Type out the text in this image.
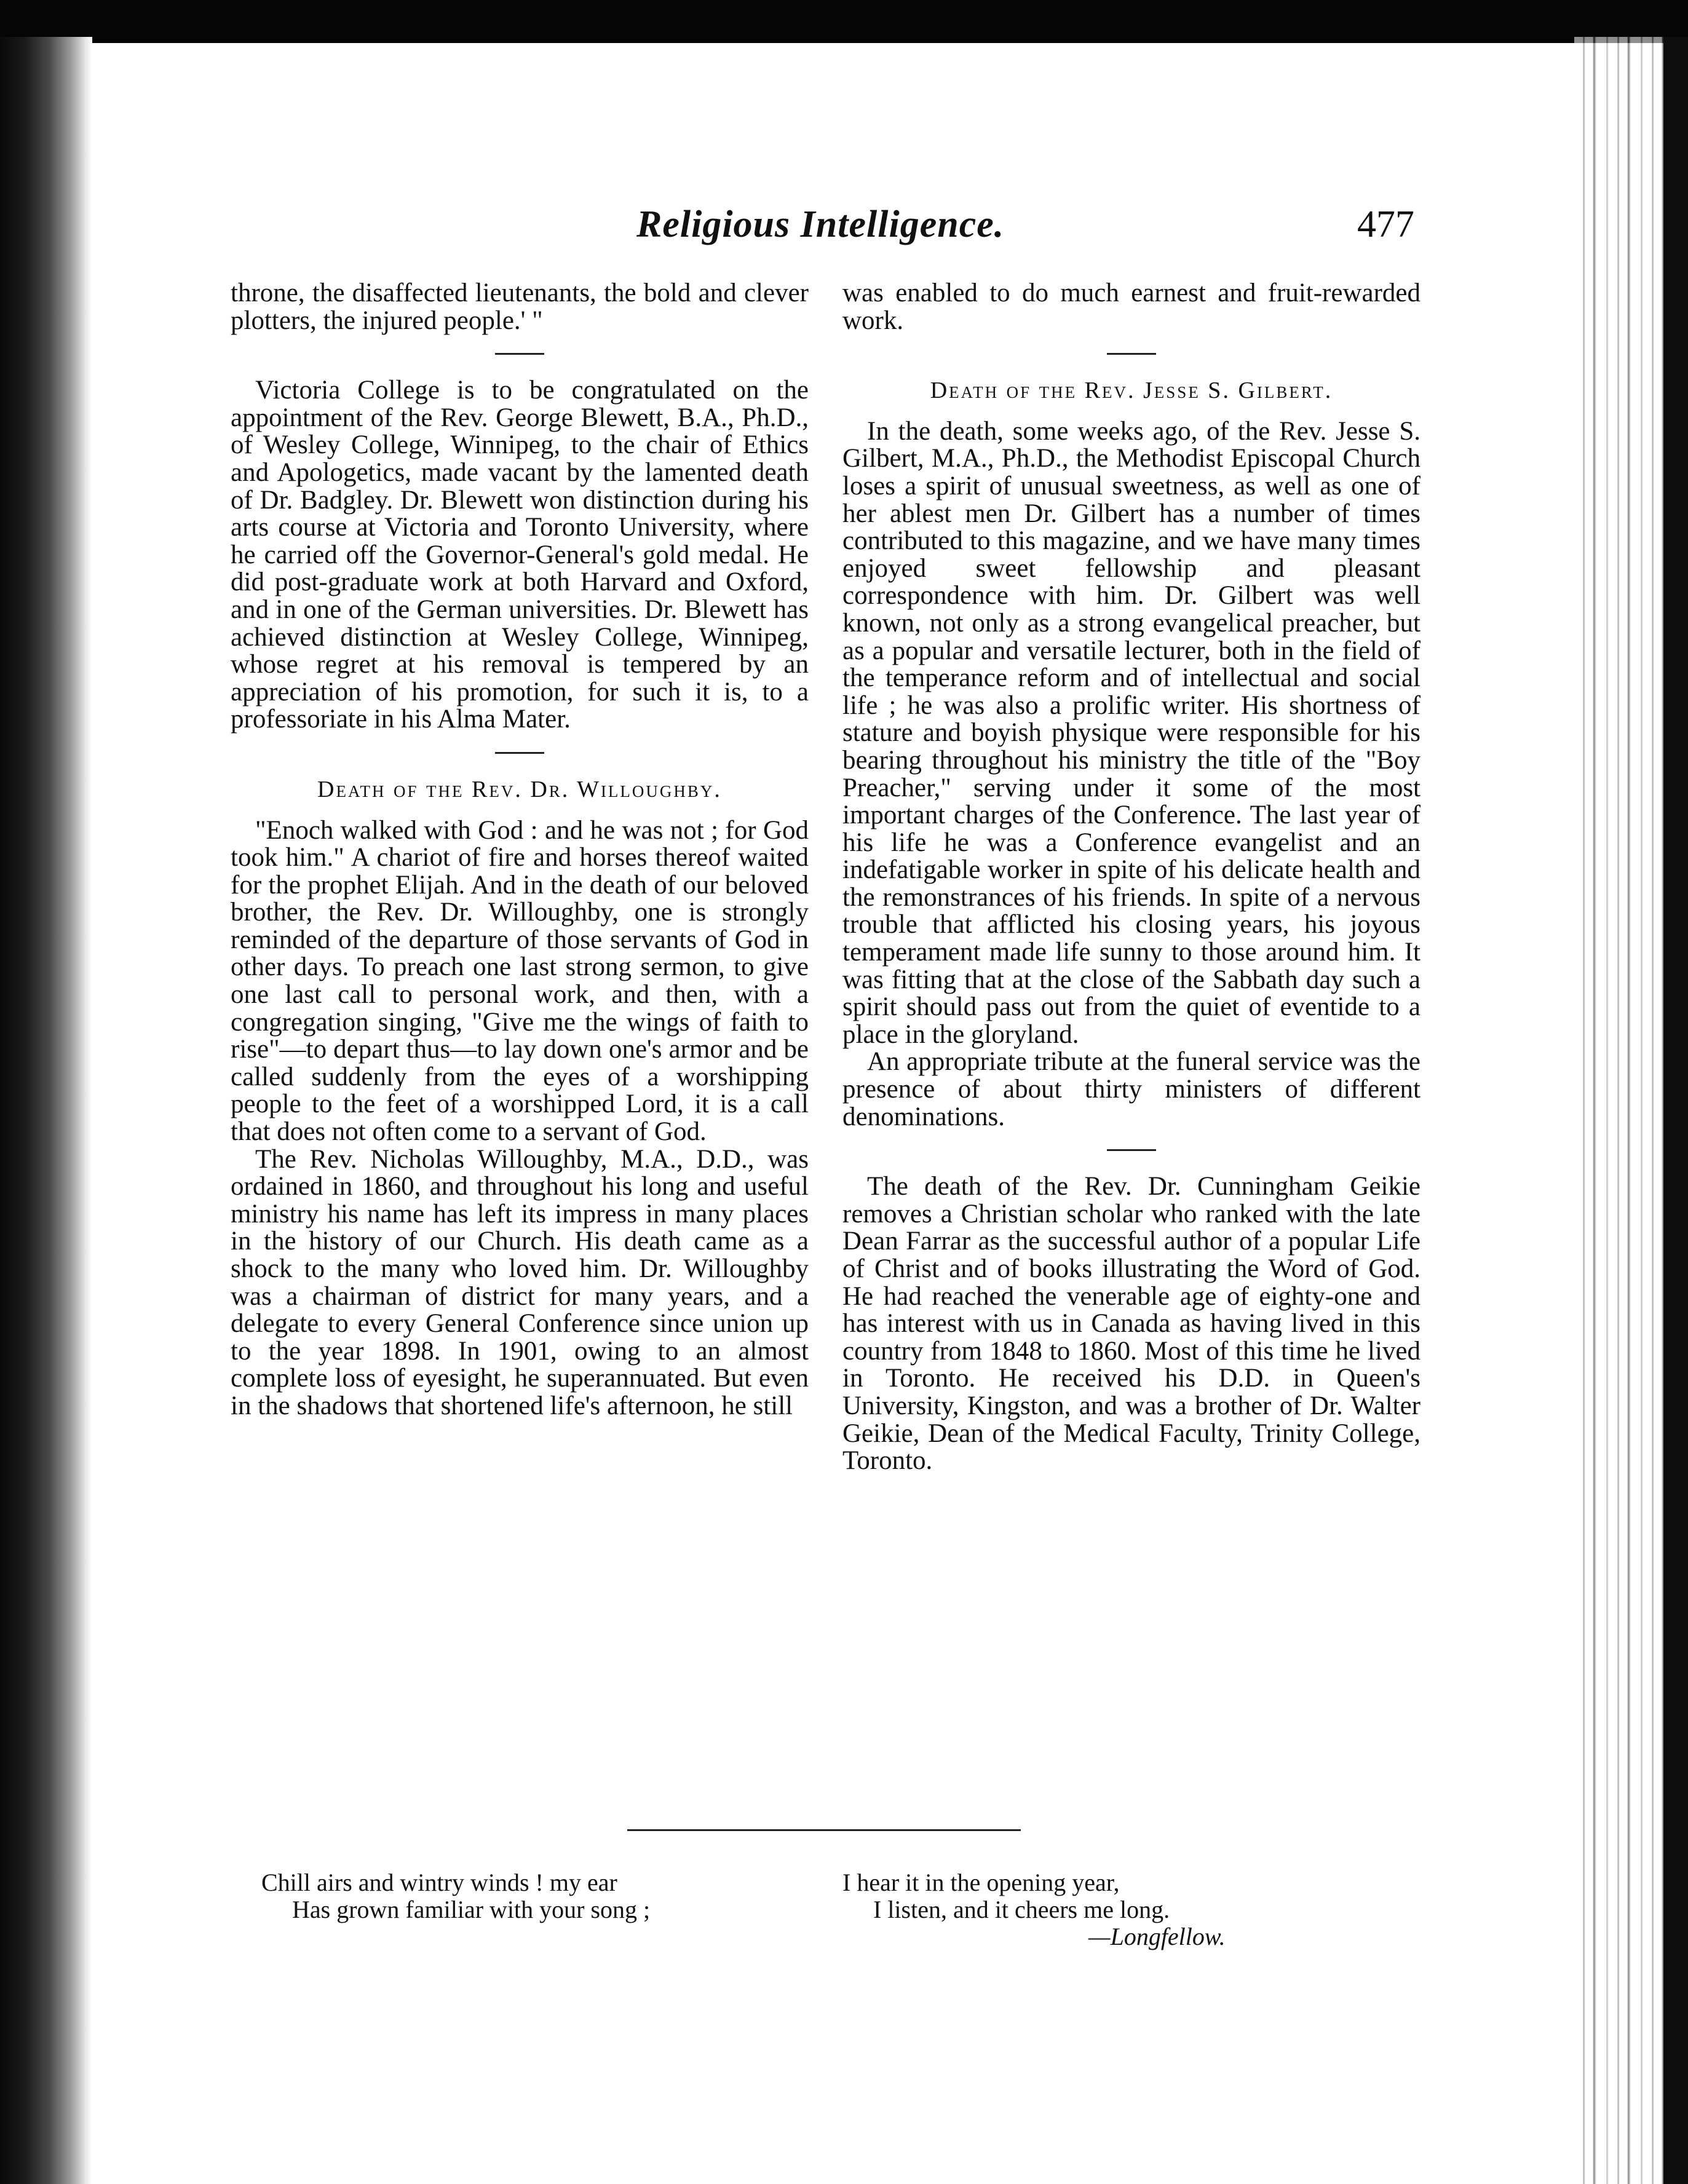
Religious Intelligence.	477

throne, the disaffected lieutenants, the bold and clever plotters, the injured people.' "

Victoria College is to be congratulated on the appointment of the Rev. George Blewett, B.A., Ph.D., of Wesley College, Winnipeg, to the chair of Ethics and Apologetics, made vacant by the lamented death of Dr. Badgley. Dr. Blewett won distinction during his arts course at Victoria and Toronto University, where he carried off the Governor-General's gold medal. He did post-graduate work at both Harvard and Oxford, and in one of the German universities. Dr. Blewett has achieved distinction at Wesley College, Winnipeg, whose regret at his removal is tempered by an appreciation of his promotion, for such it is, to a professoriate in his Alma Mater.

Death of the Rev. Dr. Willoughby.

"Enoch walked with God : and he was not ; for God took him." A chariot of fire and horses thereof waited for the prophet Elijah. And in the death of our beloved brother, the Rev. Dr. Willoughby, one is strongly reminded of the departure of those servants of God in other days. To preach one last strong sermon, to give one last call to personal work, and then, with a congregation singing, "Give me the wings of faith to rise"—to depart thus—to lay down one's armor and be called suddenly from the eyes of a worshipping people to the feet of a worshipped Lord, it is a call that does not often come to a servant of God.

The Rev. Nicholas Willoughby, M.A., D.D., was ordained in 1860, and throughout his long and useful ministry his name has left its impress in many places in the history of our Church. His death came as a shock to the many who loved him. Dr. Willoughby was a chairman of district for many years, and a delegate to every General Conference since union up to the year 1898. In 1901, owing to an almost complete loss of eyesight, he superannuated. But even in the shadows that shortened life's afternoon, he still

was enabled to do much earnest and fruit-rewarded work.

Death of the Rev. Jesse S. Gilbert.

In the death, some weeks ago, of the Rev. Jesse S. Gilbert, M.A., Ph.D., the Methodist Episcopal Church loses a spirit of unusual sweetness, as well as one of her ablest men Dr. Gilbert has a number of times contributed to this magazine, and we have many times enjoyed sweet fellowship and pleasant correspondence with him. Dr. Gilbert was well known, not only as a strong evangelical preacher, but as a popular and versatile lecturer, both in the field of the temperance reform and of intellectual and social life ; he was also a prolific writer. His shortness of stature and boyish physique were responsible for his bearing throughout his ministry the title of the "Boy Preacher," serving under it some of the most important charges of the Conference. The last year of his life he was a Conference evangelist and an indefatigable worker in spite of his delicate health and the remonstrances of his friends. In spite of a nervous trouble that afflicted his closing years, his joyous temperament made life sunny to those around him. It was fitting that at the close of the Sabbath day such a spirit should pass out from the quiet of eventide to a place in the gloryland.

An appropriate tribute at the funeral service was the presence of about thirty ministers of different denominations.

The death of the Rev. Dr. Cunningham Geikie removes a Christian scholar who ranked with the late Dean Farrar as the successful author of a popular Life of Christ and of books illustrating the Word of God. He had reached the venerable age of eighty-one and has interest with us in Canada as having lived in this country from 1848 to 1860. Most of this time he lived in Toronto. He received his D.D. in Queen's University, Kingston, and was a brother of Dr. Walter Geikie, Dean of the Medical Faculty, Trinity College, Toronto.

Chill airs and wintry winds ! my ear
Has grown familiar with your song ;
I hear it in the opening year,
I listen, and it cheers me long.
—Longfellow.
